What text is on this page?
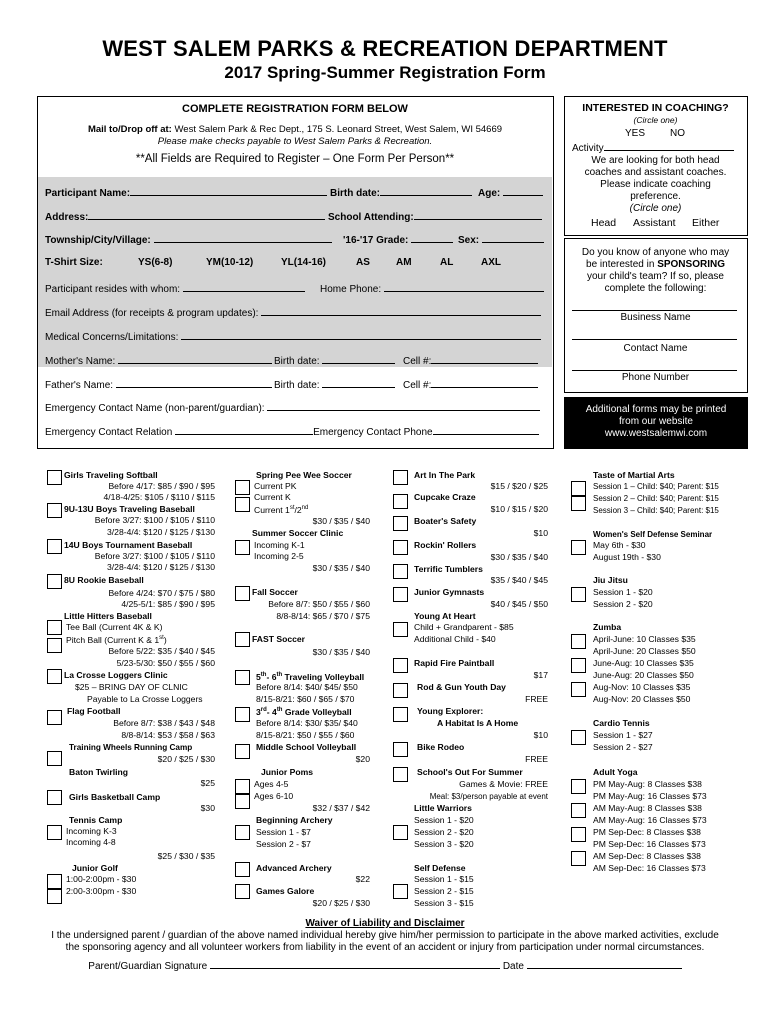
WEST SALEM PARKS & RECREATION DEPARTMENT
2017 Spring-Summer Registration Form
COMPLETE REGISTRATION FORM BELOW
Mail to/Drop off at: West Salem Park & Rec Dept., 175 S. Leonard Street, West Salem, WI 54669
Please make checks payable to West Salem Parks & Recreation.
**All Fields are Required to Register – One Form Per Person**
Participant Name:	Birth date:	Age:
Address:	School Attending:
Township/City/Village:	'16-'17 Grade:	Sex:
T-Shirt Size:	YS(6-8)	YM(10-12)	YL(14-16)	AS	AM	AL	AXL
Participant resides with whom:	Home Phone:
Email Address (for receipts & program updates):
Medical Concerns/Limitations:
Mother's Name:	Birth date:	Cell #:
Father's Name:	Birth date:	Cell #:
Emergency Contact Name (non-parent/guardian):
Emergency Contact Relation	Emergency Contact Phone
INTERESTED IN COACHING?
(Circle one)
YES NO
Activity
We are looking for both head
coaches and assistant coaches.
Please indicate coaching
preference.
(Circle one)
Head Assistant Either
Do you know of anyone who may
be interested in SPONSORING
your child's team? If so, please
complete the following:
Business Name
Contact Name
Phone Number
Additional forms may be printed
from our website
www.westsalemwi.com
Girls Traveling Softball
Before 4/17: $85 / $90 / $95
4/18-4/25: $105 / $110 / $115
9U-13U Boys Traveling Baseball
Before 3/27: $100 / $105 / $110
3/28-4/4: $120 / $125 / $130
14U Boys Tournament Baseball
Before 3/27: $100 / $105 / $110
3/28-4/4: $120 / $125 / $130
8U Rookie Baseball
Before 4/24: $70 / $75 / $80
4/25-5/1: $85 / $90 / $95
Little Hitters Baseball
Tee Ball (Current 4K & K)
Pitch Ball (Current K & 1st)
Before 5/22: $35 / $40 / $45
5/23-5/30: $50 / $55 / $60
La Crosse Loggers Clinic
$25 – BRING DAY OF CLNIC
Payable to La Crosse Loggers
Flag Football
Before 8/7: $38 / $43 / $48
8/8-8/14: $53 / $58 / $63
Training Wheels Running Camp
$20 / $25 / $30
Baton Twirling
$25
Girls Basketball Camp
$30
Tennis Camp
Incoming K-3
Incoming 4-8
$25 / $30 / $35
Junior Golf
1:00-2:00pm - $30
2:00-3:00pm - $30
Spring Pee Wee Soccer
Current PK
Current K
Current 1st/2nd
$30 / $35 / $40
Summer Soccer Clinic
Incoming K-1
Incoming 2-5
$30 / $35 / $40
Fall Soccer
Before 8/7: $50 / $55 / $60
8/8-8/14: $65 / $70 / $75
FAST Soccer
$30 / $35 / $40
5th- 6th Traveling Volleyball
Before 8/14: $40/ $45/ $50
8/15-8/21: $60 / $65 / $70
3rd- 4th Grade Volleyball
Before 8/14: $30/ $35/ $40
8/15-8/21: $50 / $55 / $60
Middle School Volleyball
$20
Junior Poms
Ages 4-5
Ages 6-10
$32 / $37 / $42
Beginning Archery
Session 1 - $7
Session 2 - $7
Advanced Archery
$22
Games Galore
$20 / $25 / $30
Art In The Park
$15 / $20 / $25
Cupcake Craze
$10 / $15 / $20
Boater's Safety
$10
Rockin' Rollers
$30 / $35 / $40
Terrific Tumblers
$35 / $40 / $45
Junior Gymnasts
$40 / $45 / $50
Young At Heart
Child + Grandparent - $85
Additional Child - $40
Rapid Fire Paintball
$17
Rod & Gun Youth Day
FREE
Young Explorer:
A Habitat Is A Home
$10
Bike Rodeo
FREE
School's Out For Summer
Games & Movie: FREE
Meal: $3/person payable at event
Little Warriors
Session 1 - $20
Session 2 - $20
Session 3 - $20
Self Defense
Session 1 - $15
Session 2 - $15
Session 3 - $15
Taste of Martial Arts
Session 1 – Child: $40; Parent: $15
Session 2 – Child: $40; Parent: $15
Session 3 – Child: $40; Parent: $15
Women's Self Defense Seminar
May 6th - $30
August 19th - $30
Jiu Jitsu
Session 1 - $20
Session 2 - $20
Zumba
April-June: 10 Classes $35
April-June: 20 Classes $50
June-Aug: 10 Classes $35
June-Aug: 20 Classes $50
Aug-Nov: 10 Classes $35
Aug-Nov: 20 Classes $50
Cardio Tennis
Session 1 - $27
Session 2 - $27
Adult Yoga
PM May-Aug: 8 Classes $38
PM May-Aug: 16 Classes $73
AM May-Aug: 8 Classes $38
AM May-Aug: 16 Classes $73
PM Sep-Dec: 8 Classes $38
PM Sep-Dec: 16 Classes $73
AM Sep-Dec: 8 Classes $38
AM Sep-Dec: 16 Classes $73
Waiver of Liability and Disclaimer
I the undersigned parent / guardian of the above named individual hereby give him/her permission to participate in the above marked activities, exclude
the sponsoring agency and all volunteer workers from liability in the event of an accident or injury from participation under normal circumstances.
Parent/Guardian Signature	Date
